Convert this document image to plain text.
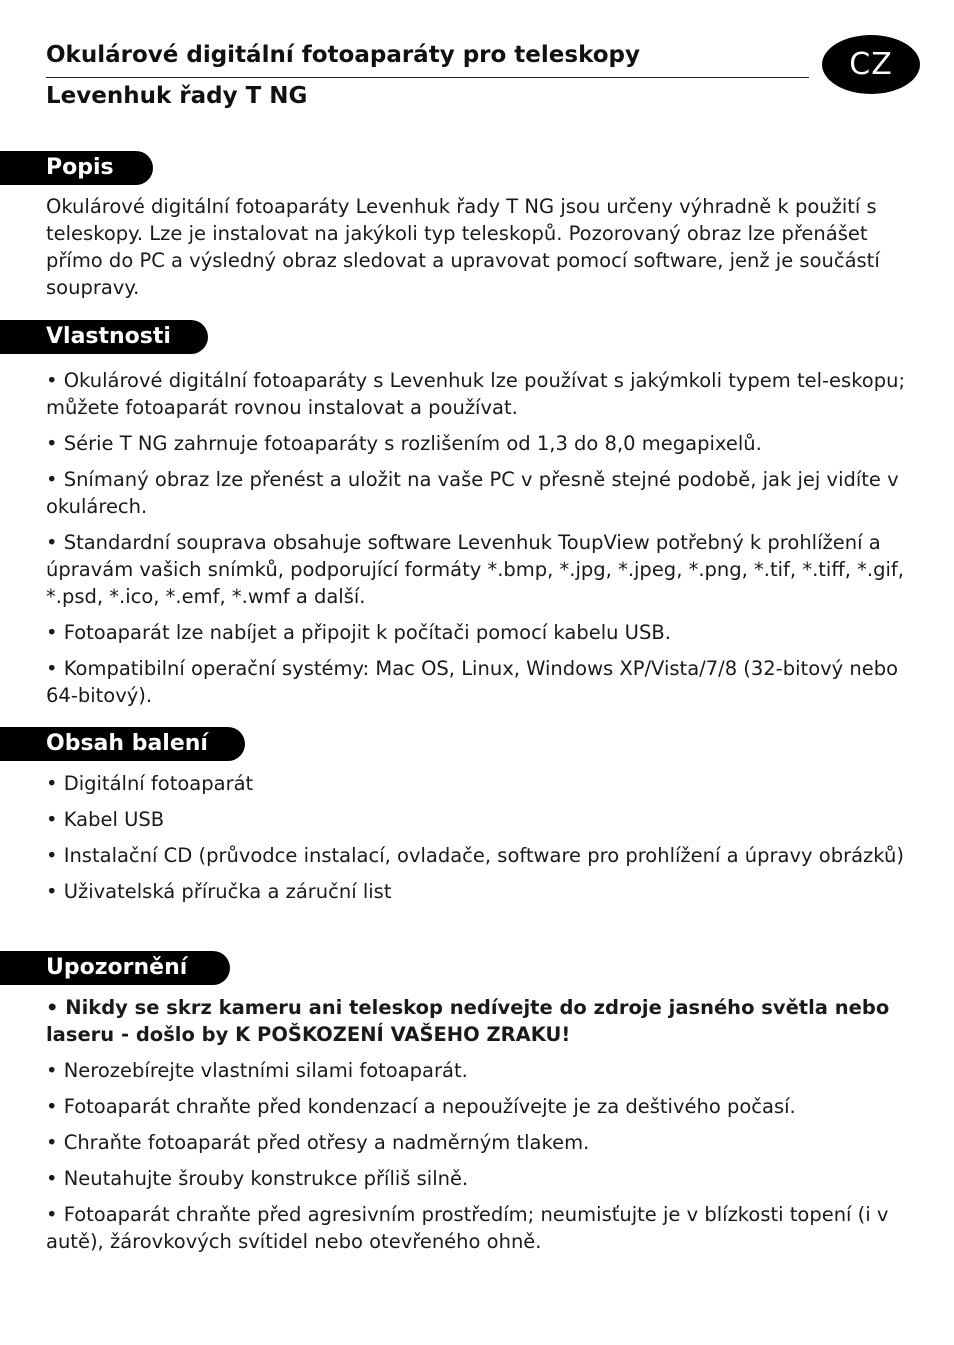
Okulárové digitální fotoaparáty pro teleskopy
Levenhuk řady T NG
CZ
Popis

Okulárové digitální fotoaparáty Levenhuk řady T NG jsou určeny výhradně k použití s teleskopy. Lze je instalovat na jakýkoli typ teleskopů. Pozorovaný obraz lze přenášet přímo do PC a výsledný obraz sledovat a upravovat pomocí software, jenž je součástí soupravy.

Vlastnosti

• Okulárové digitální fotoaparáty s Levenhuk lze používat s jakýmkoli typem tel-eskopu; můžete fotoaparát rovnou instalovat a používat.

• Série T NG zahrnuje fotoaparáty s rozlišením od 1,3 do 8,0 megapixelů.

• Snímaný obraz lze přenést a uložit na vaše PC v přesně stejné podobě, jak jej vidíte v okulárech.

• Standardní souprava obsahuje software Levenhuk ToupView potřebný k prohlížení a úpravám vašich snímků, podporující formáty *.bmp, *.jpg, *.jpeg, *.png, *.tif, *.tiff, *.gif, *.psd, *.ico, *.emf, *.wmf a další.

• Fotoaparát lze nabíjet a připojit k počítači pomocí kabelu USB.

• Kompatibilní operační systémy: Mac OS, Linux, Windows XP/Vista/7/8 (32-bitový nebo 64-bitový).

Obsah balení

• Digitální fotoaparát

• Kabel USB

• Instalační CD (průvodce instalací, ovladače, software pro prohlížení a úpravy obrázků)

• Uživatelská příručka a záruční list

Upozornění

• Nikdy se skrz kameru ani teleskop nedívejte do zdroje jasného světla nebo laseru - došlo by K POŠKOZENÍ VAŠEHO ZRAKU!

• Nerozebírejte vlastními silami fotoaparát.

• Fotoaparát chraňte před kondenzací a nepoužívejte je za deštivého počasí.

• Chraňte fotoaparát před otřesy a nadměrným tlakem.

• Neutahujte šrouby konstrukce příliš silně.

• Fotoaparát chraňte před agresivním prostředím; neumisťujte je v blízkosti topení (i v autě), žárovkových svítidel nebo otevřeného ohně.
